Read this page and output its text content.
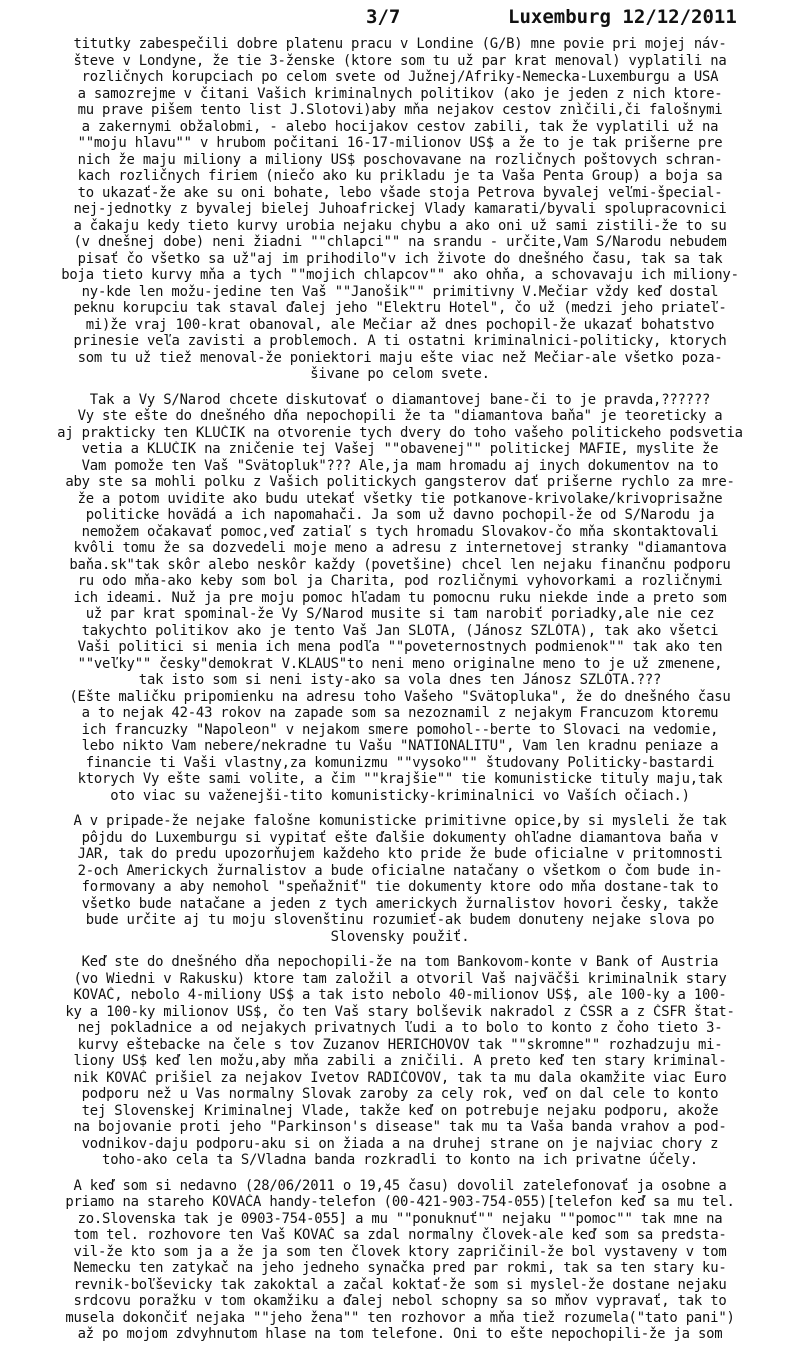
3/7	Luxemburg 12/12/2011
titutky zabespečili dobre platenu pracu v Londine (G/B) mne povie pri mojej náv-
števe v Londyne, že tie 3-ženske (ktore som tu už par krat menoval) vyplatili na
rozličnych korupciach po celom svete od Južnej/Afriky-Nemecka-Luxemburgu a USA
a samozrejme v čitani Vašich kriminalnych politikov (ako je jeden z nich ktore-
mu prave pišem tento list J.Slotovi)aby mňa nejakov cestov znìčili,či falošnymi
a zakernymi obžalobmi, - alebo hocijakov cestov zabili, tak že vyplatili už na
""moju hlavu"" v hrubom počitani 16-17-milionov US$ a že to je tak prišerne pre
nich že maju miliony a miliony US$ poschovavane na rozličnych poštovych schran-
kach rozličnych firiem (niečo ako ku prikladu je ta Vaša Penta Group) a boja sa
to ukazať-že ake su oni bohate, lebo všade stoja Petrova byvalej veľmi-špecial-
nej-jednotky z byvalej bielej Juhoafrickej Vlady kamarati/byvali spolupracovnici
a čakaju kedy tieto kurvy urobia nejaku chybu a ako oni už sami zistili-že to su
(v dnešnej dobe) neni žiadni ""chlapci"" na srandu - určite,Vam S/Narodu nebudem
pisať čo všetko sa už"aj im prihodilo"v ich živote do dnešného času, tak sa tak
boja tieto kurvy mňa a tych ""mojich chlapcov"" ako ohňa, a schovavaju ich miliony-
ny-kde len možu-jedine ten Vaš ""Janošik"" primitivny V.Mečiar vždy keď dostal
peknu korupciu tak staval ďalej jeho "Elektru Hotel", čo už (medzi jeho priateľ-
mi)že vraj 100-krat obanoval, ale Mečiar až dnes pochopil-že ukazať bohatstvo
prinesie veľa zavisti a problemoch. A ti ostatni kriminalnici-politicky, ktorych
som tu už tiež menoval-že poniektori maju ešte viac než Mečiar-ale všetko poza-
šivane po celom svete.
Tak a Vy S/Narod chcete diskutovať o diamantovej bane-či to je pravda,??????
Vy ste ešte do dnešného dňa nepochopili že ta "diamantova baňa" je teoreticky a
aj prakticky ten KLUČIK na otvorenie tych dvery do toho vašeho politickeho podsvetia
vetia a KLUČIK na zničenie tej Vašej ""obavenej"" politickej MAFIE, myslite že
Vam pomože ten Vaš "Svätopluk"??? Ale,ja mam hromadu aj inych dokumentov na to
aby ste sa mohli polku z Vašich politickych gangsterov dať prišerne rychlo za mre-
že a potom uvidite ako budu utekať všetky tie potkanove-krivolake/krivoprisažne
politicke hovädá a ich napomahači. Ja som už davno pochopil-že od S/Narodu ja
nemožem očakavať pomoc,veď zatiaľ s tych hromadu Slovakov-čo mňa skontaktovali
kvôli tomu že sa dozvedeli moje meno a adresu z internetovej stranky "diamantova
baňa.sk"tak skôr alebo neskôr každy (povetšine) chcel len nejaku finančnu podporu
ru odo mňa-ako keby som bol ja Charita, pod rozličnymi vyhovorkami a rozličnymi
ich ideami. Nuž ja pre moju pomoc hľadam tu pomocnu ruku niekde inde a preto som
už par krat spominal-že Vy S/Narod musite si tam narobiť poriadky,ale nie cez
takychto politikov ako je tento Vaš Jan SLOTA, (Jánosz SZLÓTA), tak ako všetci
Vaši politici si menia ich mena podľa ""poveternostnych podmienok"" tak ako ten
""veľky"" česky"demokrat V.KLAUS"to neni meno originalne meno to je už zmenene,
tak isto som si neni isty-ako sa vola dnes ten Jánosz SZLÓTA.???
(Ešte maličku pripomienku na adresu toho Vašeho "Svätopluka", že do dnešného času
a to nejak 42-43 rokov na zapade som sa nezoznamil z nejakym Francuzom ktoremu
ich francuzky "Napoleon" v nejakom smere pomohol--berte to Slovaci na vedomie,
lebo nikto Vam nebere/nekradne tu Vašu "NATIONALITU", Vam len kradnu peniaze a
financie ti Vaši vlastny,za komunizmu ""vysoko"" študovany Politicky-bastardi
ktorych Vy ešte sami volite, a čim ""krajšie"" tie komunisticke tituly maju,tak
oto viac su važenejši-tito komunisticky-kriminalnici vo Vaších očiach.)
A v pripade-že nejake falošne komunisticke primitivne opice,by si mysleli že tak
pôjdu do Luxemburgu si vypitať ešte ďalšie dokumenty ohľadne diamantova baňa v
JAR, tak do predu upozorňujem každeho kto pride že bude oficialne v pritomnosti
2-och Americkych žurnalistov a bude oficialne natačany o všetkom o čom bude in-
formovany a aby nemohol "speňažniť" tie dokumenty ktore odo mňa dostane-tak to
všetko bude natačane a jeden z tych americkych žurnalistov hovori česky, takže
bude určite aj tu moju slovenštinu rozumieť-ak budem donuteny nejake slova po
Slovensky použiť.
Keď ste do dnešného dňa nepochopili-že na tom Bankovom-konte v Bank of Austria
(vo Wiedni v Rakusku) ktore tam založil a otvoril Vaš najväčši kriminalnik stary
KOVAČ, nebolo 4-miliony US$ a tak isto nebolo 40-milionov US$, ale 100-ky a 100-
ky a 100-ky milionov US$, čo ten Vaš stary bolševik nakradol z ČSSR a z ČSFR štat-
nej pokladnice a od nejakych privatnych ľudi a to bolo to konto z čoho tieto 3-
kurvy eštebacke na čele s tov Zuzanov HERICHOVOV tak ""skromne"" rozhadzuju mi-
liony US$ keď len možu,aby mňa zabili a zničili. A preto keď ten stary kriminal-
nik KOVAČ prišiel za nejakov Ivetov RADIČOVOV, tak ta mu dala okamžite viac Euro
podporu než u Vas normalny Slovak zaroby za cely rok, veď on dal cele to konto
tej Slovenskej Kriminalnej Vlade, takže keď on potrebuje nejaku podporu, akože
na bojovanie proti jeho "Parkinson's disease" tak mu ta Vaša banda vrahov a pod-
vodnikov-daju podporu-aku si on žiada a na druhej strane on je najviac chory z
toho-ako cela ta S/Vladna banda rozkradli to konto na ich privatne účely.
A keď som si nedavno (28/06/2011 o 19,45 času) dovolil zatelefonovať ja osobne a
priamo na stareho KOVAČA handy-telefon (00-421-903-754-055)[telefon keď sa mu tel.
zo.Slovenska tak je 0903-754-055] a mu ""ponuknuť"" nejaku ""pomoc"" tak mne na
tom tel. rozhovore ten Vaš KOVAČ sa zdal normalny človek-ale keď som sa predsta-
vil-že kto som ja a že ja som ten človek ktory zapričinil-že bol vystaveny v tom
Nemecku ten zatykač na jeho jedneho synačka pred par rokmi, tak sa ten stary ku-
revnik-boľševicky tak zakoktal a začal koktať-že som si myslel-že dostane nejaku
srdcovu poražku v tom okamžiku a ďalej nebol schopny sa so mňov vypravať, tak to
musela dokončiť nejaka ""jeho žena"" ten rozhovor a mňa tiež rozumela("tato pani")
až po mojom zdvyhnutom hlase na tom telefone. Oni to ešte nepochopili-že ja som
